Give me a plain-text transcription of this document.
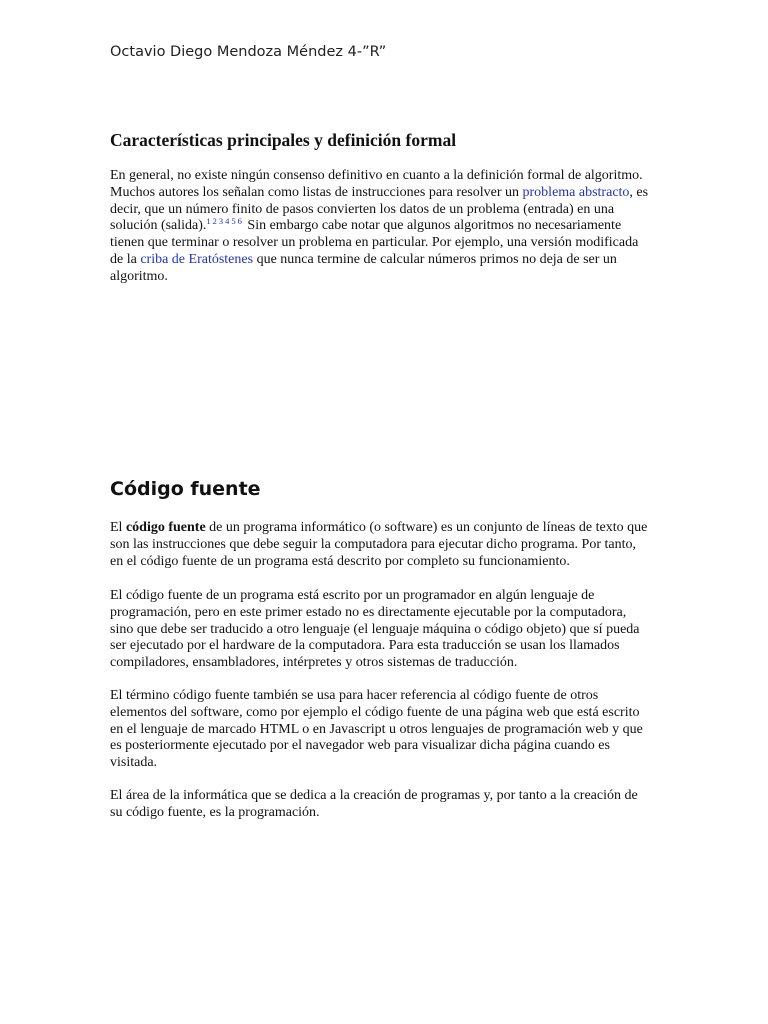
Octavio Diego Mendoza Méndez 4-”R”
Características principales y definición formal

En general, no existe ningún consenso definitivo en cuanto a la definición formal de algoritmo.
Muchos autores los señalan como listas de instrucciones para resolver un problema abstracto, es
decir, que un número finito de pasos convierten los datos de un problema (entrada) en una
solución (salida).$^{1 2 3 4 5 6}$ Sin embargo cabe notar que algunos algoritmos no necesariamente
tienen que terminar o resolver un problema en particular. Por ejemplo, una versión modificada
de la criba de Eratóstenes que nunca termine de calcular números primos no deja de ser un
algoritmo.

Código fuente

El código fuente de un programa informático (o software) es un conjunto de líneas de texto que
son las instrucciones que debe seguir la computadora para ejecutar dicho programa. Por tanto,
en el código fuente de un programa está descrito por completo su funcionamiento.

El código fuente de un programa está escrito por un programador en algún lenguaje de
programación, pero en este primer estado no es directamente ejecutable por la computadora,
sino que debe ser traducido a otro lenguaje (el lenguaje máquina o código objeto) que sí pueda
ser ejecutado por el hardware de la computadora. Para esta traducción se usan los llamados
compiladores, ensambladores, intérpretes y otros sistemas de traducción.

El término código fuente también se usa para hacer referencia al código fuente de otros
elementos del software, como por ejemplo el código fuente de una página web que está escrito
en el lenguaje de marcado HTML o en Javascript u otros lenguajes de programación web y que
es posteriormente ejecutado por el navegador web para visualizar dicha página cuando es
visitada.

El área de la informática que se dedica a la creación de programas y, por tanto a la creación de
su código fuente, es la programación.
